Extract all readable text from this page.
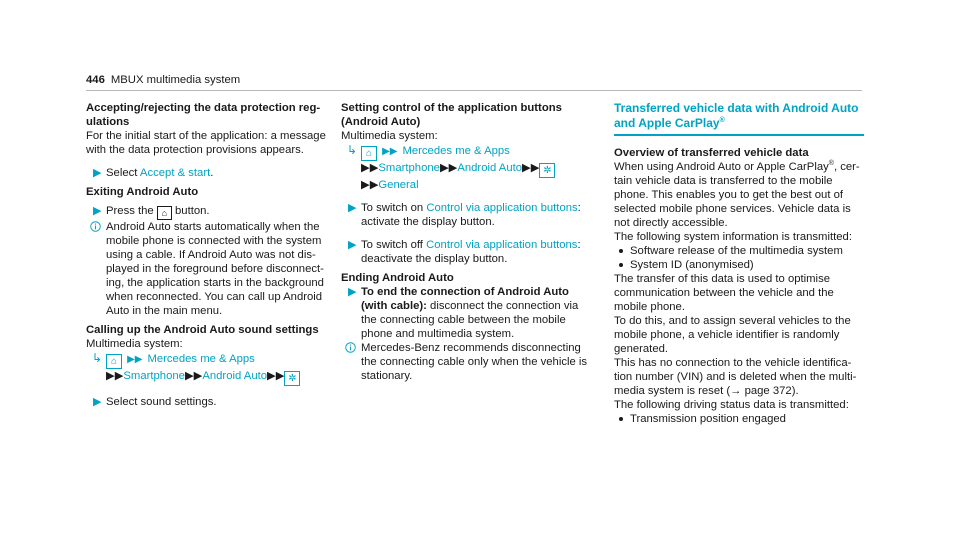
446 MBUX multimedia system
Accepting/rejecting the data protection reg-ulations

For the initial start of the application: a message with the data protection provisions appears.

▶ Select Accept & start.
Exiting Android Auto
▶ Press the ⌂ button.
Android Auto starts automatically when the mobile phone is connected with the system using a cable. If Android Auto was not dis-played in the foreground before disconnect-ing, the application starts in the background when reconnected. You can call up Android Auto in the main menu.
Calling up the Android Auto sound settings

Multimedia system:

↳ ⌂ ▶▶ Mercedes me & Apps
▶▶Smartphone▶▶Android Auto▶▶ ✲
▶ Select sound settings.
Setting control of the application buttons (Android Auto)

Multimedia system:

↳ ⌂ ▶▶ Mercedes me & Apps
▶▶Smartphone▶▶Android Auto▶▶ ✲
▶▶General
▶ To switch on Control via application buttons: activate the display button.
▶ To switch off Control via application buttons: deactivate the display button.
Ending Android Auto
▶ To end the connection of Android Auto (with cable): disconnect the connection via the connecting cable between the mobile phone and multimedia system.
Mercedes-Benz recommends disconnecting the connecting cable only when the vehicle is stationary.
Transferred vehicle data with Android Auto
and Apple CarPlay®
Overview of transferred vehicle data

When using Android Auto or Apple CarPlay®, cer-tain vehicle data is transferred to the mobile phone. This enables you to get the best out of selected mobile phone services. Vehicle data is not directly accessible.

The following system information is transmitted:

Software release of the multimedia system
System ID (anonymised)

The transfer of this data is used to optimise communication between the vehicle and the mobile phone.

To do this, and to assign several vehicles to the mobile phone, a vehicle identifier is randomly generated.

This has no connection to the vehicle identifica-tion number (VIN) and is deleted when the multi-media system is reset (→ page 372).

The following driving status data is transmitted:

Transmission position engaged
